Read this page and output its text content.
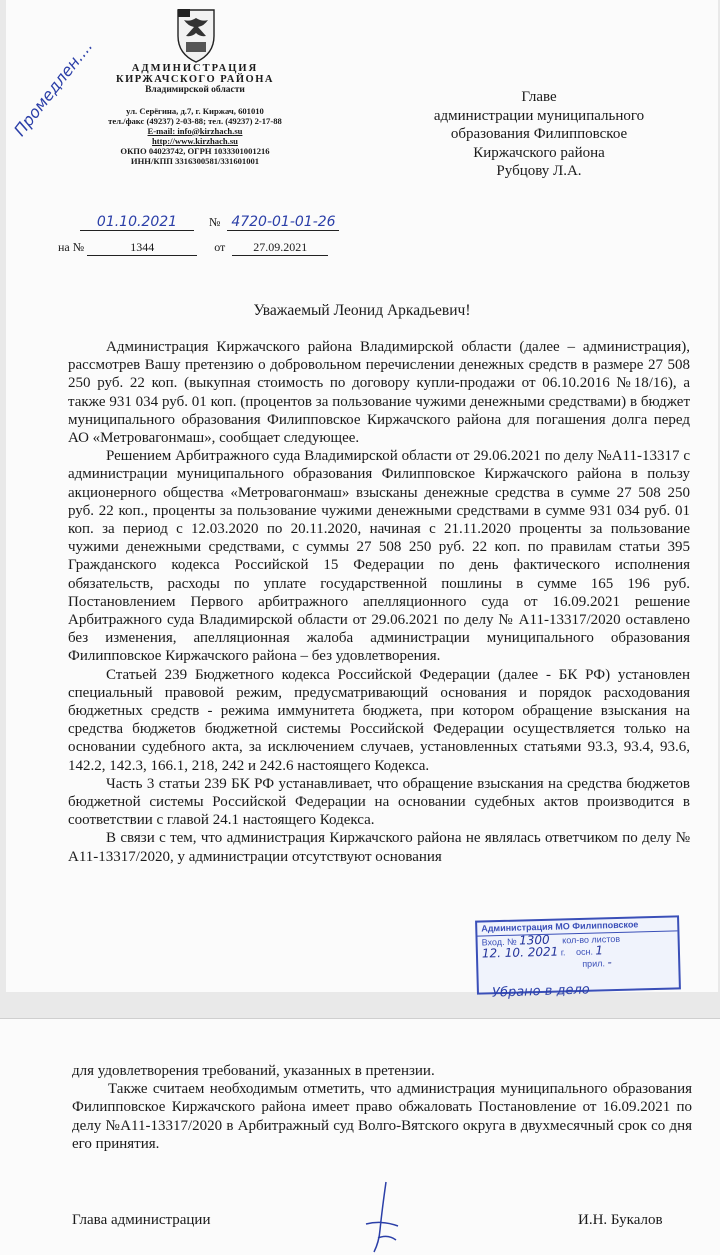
АДМИНИСТРАЦИЯ
КИРЖАЧСКОГО РАЙОНА
Владимирской области
ул. Серёгина, д.7, г. Киржач, 601010
тел./факс (49237) 2-03-88; тел. (49237) 2-17-88
E-mail: info@kirzhach.su
http://www.kirzhach.su
ОКПО 04023742, ОГРН 1033301001216
ИНН/КПП 3316300581/331601001
01.10.2021	№ 4720-01-01-26
на №	1344	от 27.09.2021
Промедлен....	Главе
администрации муниципального
образования Филипповское
Киржачского района
Рубцову Л.А.
Уважаемый Леонид Аркадьевич!

Администрация Киржачского района Владимирской области (далее – администрация), рассмотрев Вашу претензию о добровольном перечислении денежных средств в размере 27 508 250 руб. 22 коп. (выкупная стоимость по договору купли-продажи от 06.10.2016 №18/16), а также 931 034 руб. 01 коп. (процентов за пользование чужими денежными средствами) в бюджет муниципального образования Филипповское Киржачского района для погашения долга перед АО «Метровагонмаш», сообщает следующее.

Решением Арбитражного суда Владимирской области от 29.06.2021 по делу №А11-13317 с администрации муниципального образования Филипповское Киржачского района в пользу акционерного общества «Метровагонмаш» взысканы денежные средства в сумме 27 508 250 руб. 22 коп., проценты за пользование чужими денежными средствами в сумме 931 034 руб. 01 коп. за период с 12.03.2020 по 20.11.2020, начиная с 21.11.2020 проценты за пользование чужими денежными средствами, с суммы 27 508 250 руб. 22 коп. по правилам статьи 395 Гражданского кодекса Российской 15 Федерации по день фактического исполнения обязательств, расходы по уплате государственной пошлины в сумме 165 196 руб. Постановлением Первого арбитражного апелляционного суда от 16.09.2021 решение Арбитражного суда Владимирской области от 29.06.2021 по делу № А11-13317/2020 оставлено без изменения, апелляционная жалоба администрации муниципального образования Филипповское Киржачского района – без удовлетворения.

Статьей 239 Бюджетного кодекса Российской Федерации (далее - БК РФ) установлен специальный правовой режим, предусматривающий основания и порядок расходования бюджетных средств - режима иммунитета бюджета, при котором обращение взыскания на средства бюджетов бюджетной системы Российской Федерации осуществляется только на основании судебного акта, за исключением случаев, установленных статьями 93.3, 93.4, 93.6, 142.2, 142.3, 166.1, 218, 242 и 242.6 настоящего Кодекса.

Часть 3 статьи 239 БК РФ устанавливает, что обращение взыскания на средства бюджетов бюджетной системы Российской Федерации на основании судебных актов производится в соответствии с главой 24.1 настоящего Кодекса.

В связи с тем, что администрация Киржачского района не являлась ответчиком по делу № А11-13317/2020, у администрации отсутствуют основания

Администрация МО Филипповское
Вход. № 1300 кол-во листов
12. 10. 2021 г. осн. 1
прил. -
Убрано в дело

для удовлетворения требований, указанных в претензии.

Также считаем необходимым отметить, что администрация муниципального образования Филипповское Киржачского района имеет право обжаловать Постановление от 16.09.2021 по делу №А11-13317/2020 в Арбитражный суд Волго-Вятского округа в двухмесячный срок со дня его принятия.

Глава администрации	И.Н. Букалов
